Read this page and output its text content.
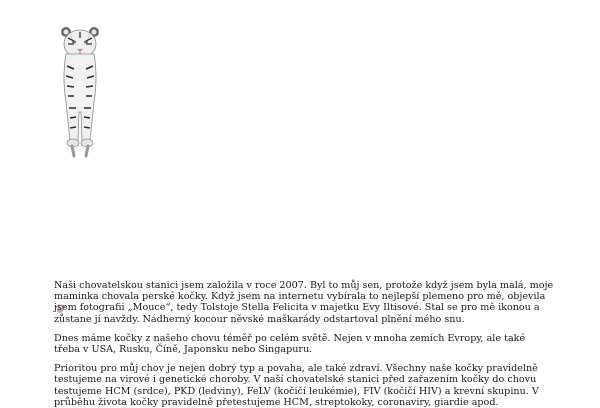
Naši chovatelskou stanici jsem založila v roce 2007. Byl to můj sen, protože když jsem byla malá, moje maminka chovala perské kočky. Když jsem na internetu vybírala to nejlepší plemeno pro mě, objevila jsem fotografii „Mouce“, tedy Tolstoje Stella Felicita v majetku Evy Iltisové. Stal se pro mě ikonou a zůstane jí navždy. Nádherný kocour něvské maškarády odstartoval plnění mého snu.

Dnes máme kočky z našeho chovu téměř po celém světě. Nejen v mnoha zemích Evropy, ale také třeba v USA, Rusku, Číně, Japonsku nebo Singapuru.

Prioritou pro můj chov je nejen dobrý typ a povaha, ale také zdraví. Všechny naše kočky pravidelně testujeme na virové i genetické choroby. V naší chovatelské stanici před zařazením kočky do chovu testujeme HCM (srdce), PKD (ledviny), FeLV (kočičí leukémie), FIV (kočičí HIV) a krevní skupinu. V průběhu života kočky pravidelně přetestujeme HCM, streptokoky, coronaviry, giardie apod.
